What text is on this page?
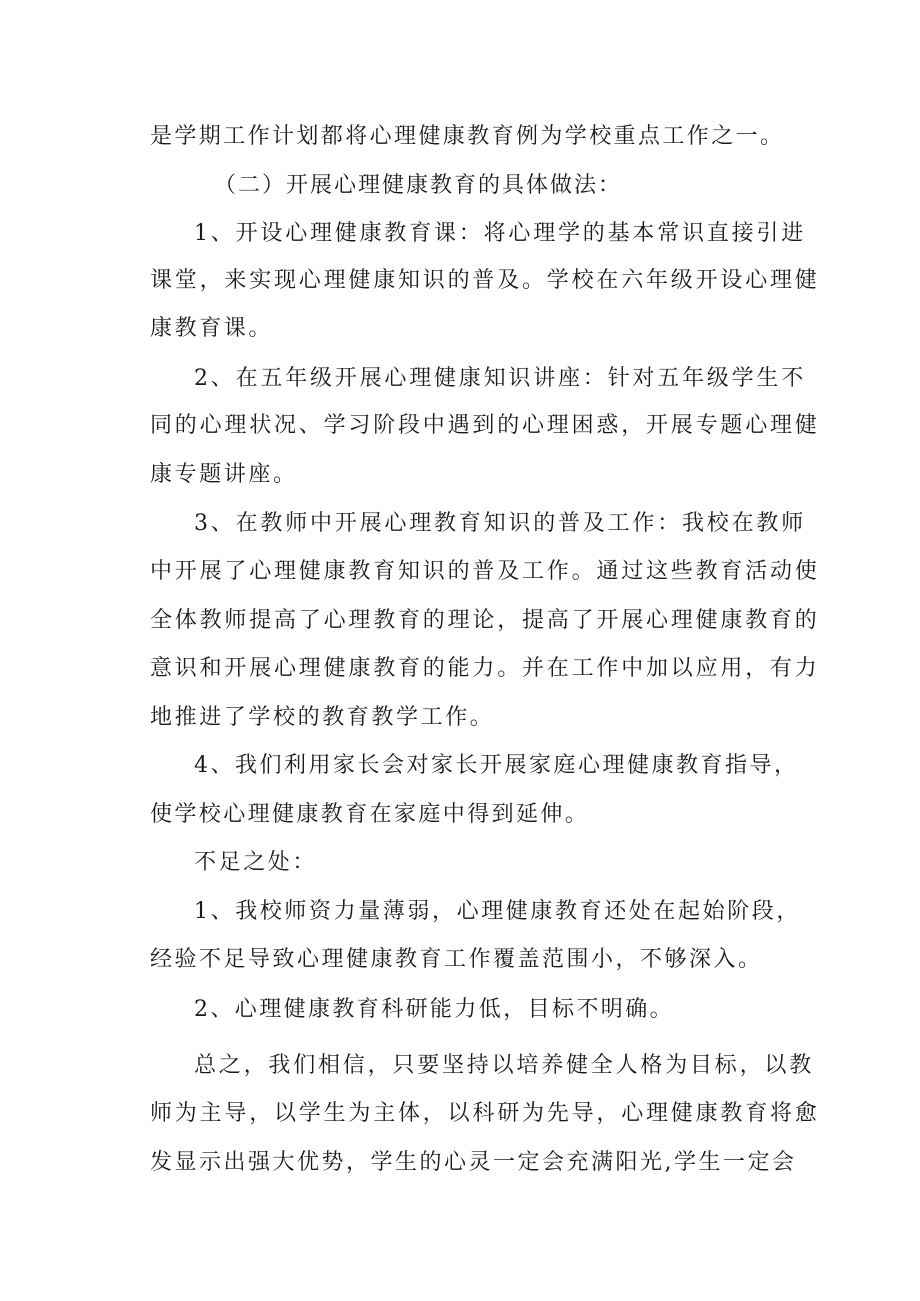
是学期工作计划都将心理健康教育例为学校重点工作之一。
（二）开展心理健康教育的具体做法：
1、开设心理健康教育课：将心理学的基本常识直接引进
课堂，来实现心理健康知识的普及。学校在六年级开设心理健
康教育课。
2、在五年级开展心理健康知识讲座：针对五年级学生不
同的心理状况、学习阶段中遇到的心理困惑，开展专题心理健
康专题讲座。
3、在教师中开展心理教育知识的普及工作：我校在教师
中开展了心理健康教育知识的普及工作。通过这些教育活动使
全体教师提高了心理教育的理论，提高了开展心理健康教育的
意识和开展心理健康教育的能力。并在工作中加以应用，有力
地推进了学校的教育教学工作。
4、我们利用家长会对家长开展家庭心理健康教育指导，
使学校心理健康教育在家庭中得到延伸。
不足之处：
1、我校师资力量薄弱，心理健康教育还处在起始阶段，
经验不足导致心理健康教育工作覆盖范围小，不够深入。
2、心理健康教育科研能力低，目标不明确。
总之，我们相信，只要坚持以培养健全人格为目标，以教
师为主导，以学生为主体，以科研为先导，心理健康教育将愈
发显示出强大优势，学生的心灵一定会充满阳光,学生一定会
